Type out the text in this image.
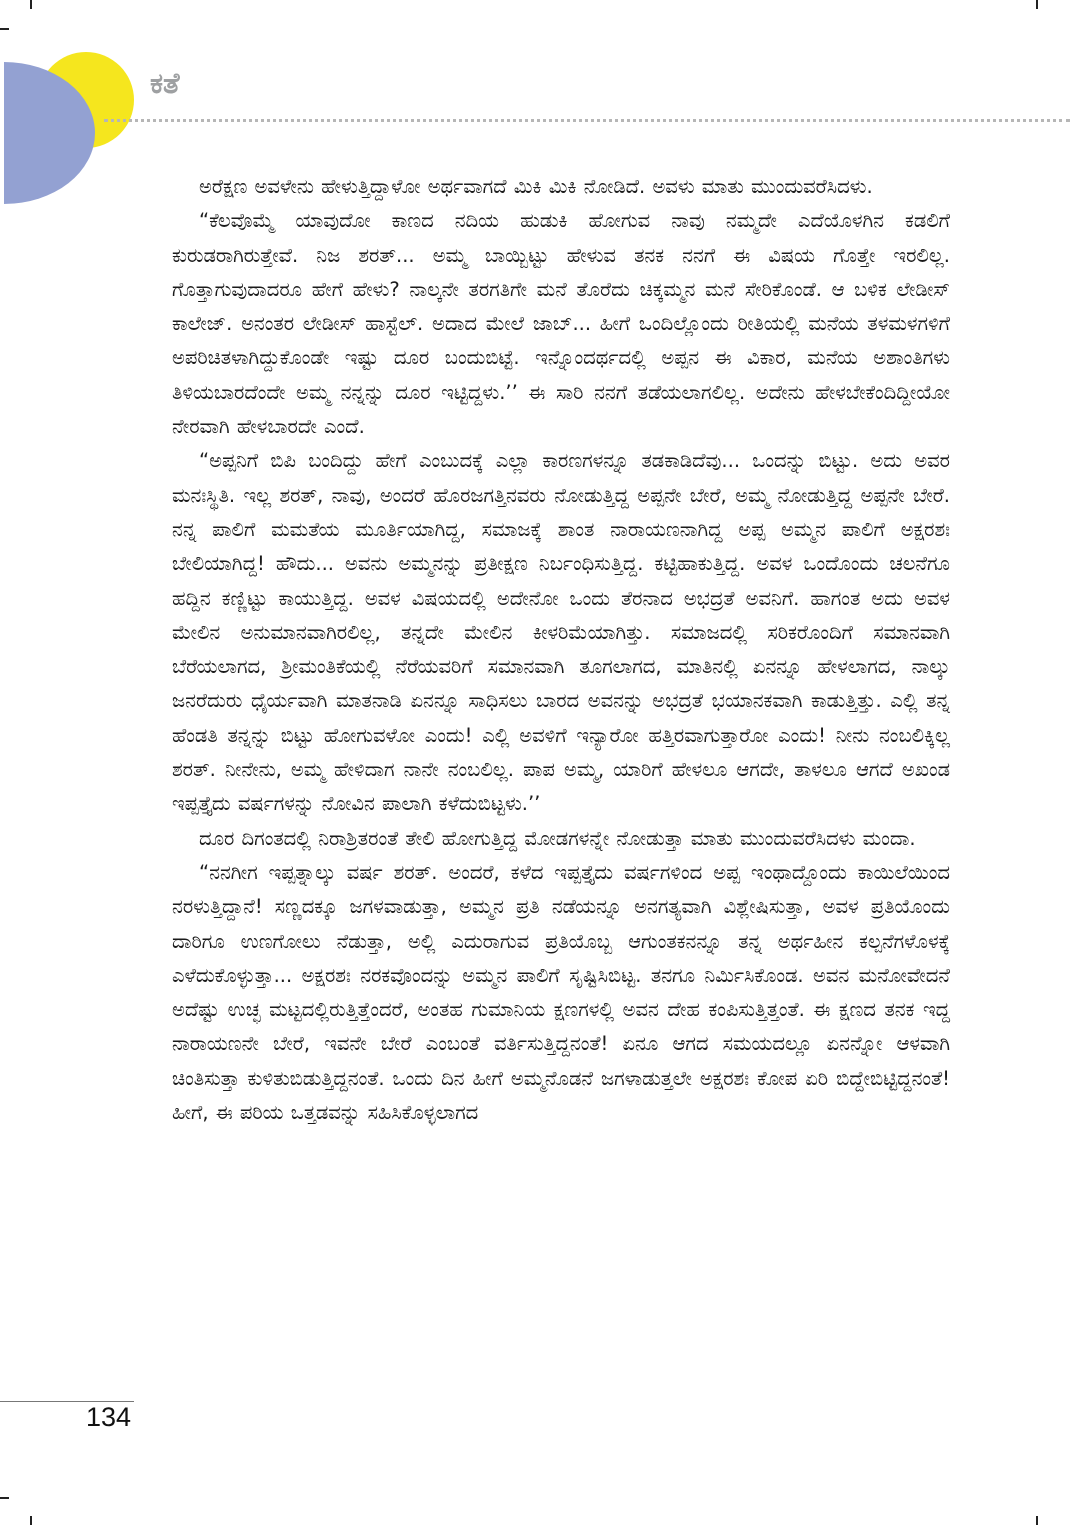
ಕತೆ

ಅರೆಕ್ಷಣ ಅವಳೇನು ಹೇಳುತ್ತಿದ್ದಾಳೋ ಅರ್ಥವಾಗದೆ ಮಿಕಿ ಮಿಕಿ ನೋಡಿದೆ. ಅವಳು ಮಾತು ಮುಂದುವರೆಸಿದಳು.

“ಕೆಲವೊಮ್ಮೆ ಯಾವುದೋ ಕಾಣದ ನದಿಯ ಹುಡುಕಿ ಹೋಗುವ ನಾವು ನಮ್ಮದೇ ಎದೆಯೊಳಗಿನ ಕಡಲಿಗೆ ಕುರುಡರಾಗಿರುತ್ತೇವೆ. ನಿಜ ಶರತ್... ಅಮ್ಮ ಬಾಯ್ಬಿಟ್ಟು ಹೇಳುವ ತನಕ ನನಗೆ ಈ ವಿಷಯ ಗೊತ್ತೇ ಇರಲಿಲ್ಲ. ಗೊತ್ತಾಗುವುದಾದರೂ ಹೇಗೆ ಹೇಳು? ನಾಲ್ಕನೇ ತರಗತಿಗೇ ಮನೆ ತೊರೆದು ಚಿಕ್ಕಮ್ಮನ ಮನೆ ಸೇರಿಕೊಂಡೆ. ಆ ಬಳಿಕ ಲೇಡೀಸ್ ಕಾಲೇಜ್. ಅನಂತರ ಲೇಡೀಸ್ ಹಾಸ್ಟೆಲ್. ಅದಾದ ಮೇಲೆ ಜಾಬ್... ಹೀಗೆ ಒಂದಿಲ್ಲೊಂದು ರೀತಿಯಲ್ಲಿ ಮನೆಯ ತಳಮಳಗಳಿಗೆ ಅಪರಿಚಿತಳಾಗಿದ್ದುಕೊಂಡೇ ಇಷ್ಟು ದೂರ ಬಂದುಬಿಟ್ಟೆ. ಇನ್ನೊಂದರ್ಥದಲ್ಲಿ ಅಪ್ಪನ ಈ ವಿಕಾರ, ಮನೆಯ ಅಶಾಂತಿಗಳು ತಿಳಿಯಬಾರದೆಂದೇ ಅಮ್ಮ ನನ್ನನ್ನು ದೂರ ಇಟ್ಟಿದ್ದಳು.’’ ಈ ಸಾರಿ ನನಗೆ ತಡೆಯಲಾಗಲಿಲ್ಲ. ಅದೇನು ಹೇಳಬೇಕೆಂದಿದ್ದೀಯೋ ನೇರವಾಗಿ ಹೇಳಬಾರದೇ ಎಂದೆ.

“ಅಪ್ಪನಿಗೆ ಬಿಪಿ ಬಂದಿದ್ದು ಹೇಗೆ ಎಂಬುದಕ್ಕೆ ಎಲ್ಲಾ ಕಾರಣಗಳನ್ನೂ ತಡಕಾಡಿದೆವು... ಒಂದನ್ನು ಬಿಟ್ಟು. ಅದು ಅವರ ಮನಃಸ್ಥಿತಿ. ಇಲ್ಲ ಶರತ್, ನಾವು, ಅಂದರೆ ಹೊರಜಗತ್ತಿನವರು ನೋಡುತ್ತಿದ್ದ ಅಪ್ಪನೇ ಬೇರೆ, ಅಮ್ಮ ನೋಡುತ್ತಿದ್ದ ಅಪ್ಪನೇ ಬೇರೆ. ನನ್ನ ಪಾಲಿಗೆ ಮಮತೆಯ ಮೂರ್ತಿಯಾಗಿದ್ದ, ಸಮಾಜಕ್ಕೆ ಶಾಂತ ನಾರಾಯಣನಾಗಿದ್ದ ಅಪ್ಪ ಅಮ್ಮನ ಪಾಲಿಗೆ ಅಕ್ಷರಶಃ ಬೇಲಿಯಾಗಿದ್ದ! ಹೌದು... ಅವನು ಅಮ್ಮನನ್ನು ಪ್ರತೀಕ್ಷಣ ನಿರ್ಬಂಧಿಸುತ್ತಿದ್ದ. ಕಟ್ಟಿಹಾಕುತ್ತಿದ್ದ. ಅವಳ ಒಂದೊಂದು ಚಲನೆಗೂ ಹದ್ದಿನ ಕಣ್ಣಿಟ್ಟು ಕಾಯುತ್ತಿದ್ದ. ಅವಳ ವಿಷಯದಲ್ಲಿ ಅದೇನೋ ಒಂದು ತೆರನಾದ ಅಭದ್ರತೆ ಅವನಿಗೆ. ಹಾಗಂತ ಅದು ಅವಳ ಮೇಲಿನ ಅನುಮಾನವಾಗಿರಲಿಲ್ಲ, ತನ್ನದೇ ಮೇಲಿನ ಕೀಳರಿಮೆಯಾಗಿತ್ತು. ಸಮಾಜದಲ್ಲಿ ಸರಿಕರೊಂದಿಗೆ ಸಮಾನವಾಗಿ ಬೆರೆಯಲಾಗದ, ಶ್ರೀಮಂತಿಕೆಯಲ್ಲಿ ನೆರೆಯವರಿಗೆ ಸಮಾನವಾಗಿ ತೂಗಲಾಗದ, ಮಾತಿನಲ್ಲಿ ಏನನ್ನೂ ಹೇಳಲಾಗದ, ನಾಲ್ಕು ಜನರೆದುರು ಧೈರ್ಯವಾಗಿ ಮಾತನಾಡಿ ಏನನ್ನೂ ಸಾಧಿಸಲು ಬಾರದ ಅವನನ್ನು ಅಭದ್ರತೆ ಭಯಾನಕವಾಗಿ ಕಾಡುತ್ತಿತ್ತು. ಎಲ್ಲಿ ತನ್ನ ಹೆಂಡತಿ ತನ್ನನ್ನು ಬಿಟ್ಟು ಹೋಗುವಳೋ ಎಂದು! ಎಲ್ಲಿ ಅವಳಿಗೆ ಇನ್ಯಾರೋ ಹತ್ತಿರವಾಗುತ್ತಾರೋ ಎಂದು! ನೀನು ನಂಬಲಿಕ್ಕಿಲ್ಲ ಶರತ್. ನೀನೇನು, ಅಮ್ಮ ಹೇಳಿದಾಗ ನಾನೇ ನಂಬಲಿಲ್ಲ. ಪಾಪ ಅಮ್ಮ, ಯಾರಿಗೆ ಹೇಳಲೂ ಆಗದೇ, ತಾಳಲೂ ಆಗದೆ ಅಖಂಡ ಇಪ್ಪತ್ತೈದು ವರ್ಷಗಳನ್ನು ನೋವಿನ ಪಾಲಾಗಿ ಕಳೆದುಬಿಟ್ಟಳು.’’

ದೂರ ದಿಗಂತದಲ್ಲಿ ನಿರಾಶ್ರಿತರಂತೆ ತೇಲಿ ಹೋಗುತ್ತಿದ್ದ ಮೋಡಗಳನ್ನೇ ನೋಡುತ್ತಾ ಮಾತು ಮುಂದುವರೆಸಿದಳು ಮಂದಾ.

“ನನಗೀಗ ಇಪ್ಪತ್ನಾಲ್ಕು ವರ್ಷ ಶರತ್. ಅಂದರೆ, ಕಳೆದ ಇಪ್ಪತ್ತೈದು ವರ್ಷಗಳಿಂದ ಅಪ್ಪ ಇಂಥಾದ್ದೊಂದು ಕಾಯಿಲೆಯಿಂದ ನರಳುತ್ತಿದ್ದಾನೆ! ಸಣ್ಣದಕ್ಕೂ ಜಗಳವಾಡುತ್ತಾ, ಅಮ್ಮನ ಪ್ರತಿ ನಡೆಯನ್ನೂ ಅನಗತ್ಯವಾಗಿ ವಿಶ್ಲೇಷಿಸುತ್ತಾ, ಅವಳ ಪ್ರತಿಯೊಂದು ದಾರಿಗೂ ಉಣಗೋಲು ನೆಡುತ್ತಾ, ಅಲ್ಲಿ ಎದುರಾಗುವ ಪ್ರತಿಯೊಬ್ಬ ಆಗುಂತಕನನ್ನೂ ತನ್ನ ಅರ್ಥಹೀನ ಕಲ್ಪನೆಗಳೊಳಕ್ಕೆ ಎಳೆದುಕೊಳ್ಳುತ್ತಾ... ಅಕ್ಷರಶಃ ನರಕವೊಂದನ್ನು ಅಮ್ಮನ ಪಾಲಿಗೆ ಸೃಷ್ಟಿಸಿಬಿಟ್ಟ. ತನಗೂ ನಿರ್ಮಿಸಿಕೊಂಡ. ಅವನ ಮನೋವೇದನೆ ಅದೆಷ್ಟು ಉಚ್ಛ ಮಟ್ಟದಲ್ಲಿರುತ್ತಿತ್ತೆಂದರೆ, ಅಂತಹ ಗುಮಾನಿಯ ಕ್ಷಣಗಳಲ್ಲಿ ಅವನ ದೇಹ ಕಂಪಿಸುತ್ತಿತ್ತಂತೆ. ಈ ಕ್ಷಣದ ತನಕ ಇದ್ದ ನಾರಾಯಣನೇ ಬೇರೆ, ಇವನೇ ಬೇರೆ ಎಂಬಂತೆ ವರ್ತಿಸುತ್ತಿದ್ದನಂತೆ! ಏನೂ ಆಗದ ಸಮಯದಲ್ಲೂ ಏನನ್ನೋ ಆಳವಾಗಿ ಚಿಂತಿಸುತ್ತಾ ಕುಳಿತುಬಿಡುತ್ತಿದ್ದನಂತೆ. ಒಂದು ದಿನ ಹೀಗೆ ಅಮ್ಮನೊಡನೆ ಜಗಳಾಡುತ್ತಲೇ ಅಕ್ಷರಶಃ ಕೋಪ ಏರಿ ಬಿದ್ದೇಬಿಟ್ಟಿದ್ದನಂತೆ! ಹೀಗೆ, ಈ ಪರಿಯ ಒತ್ತಡವನ್ನು ಸಹಿಸಿಕೊಳ್ಳಲಾಗದ

134
